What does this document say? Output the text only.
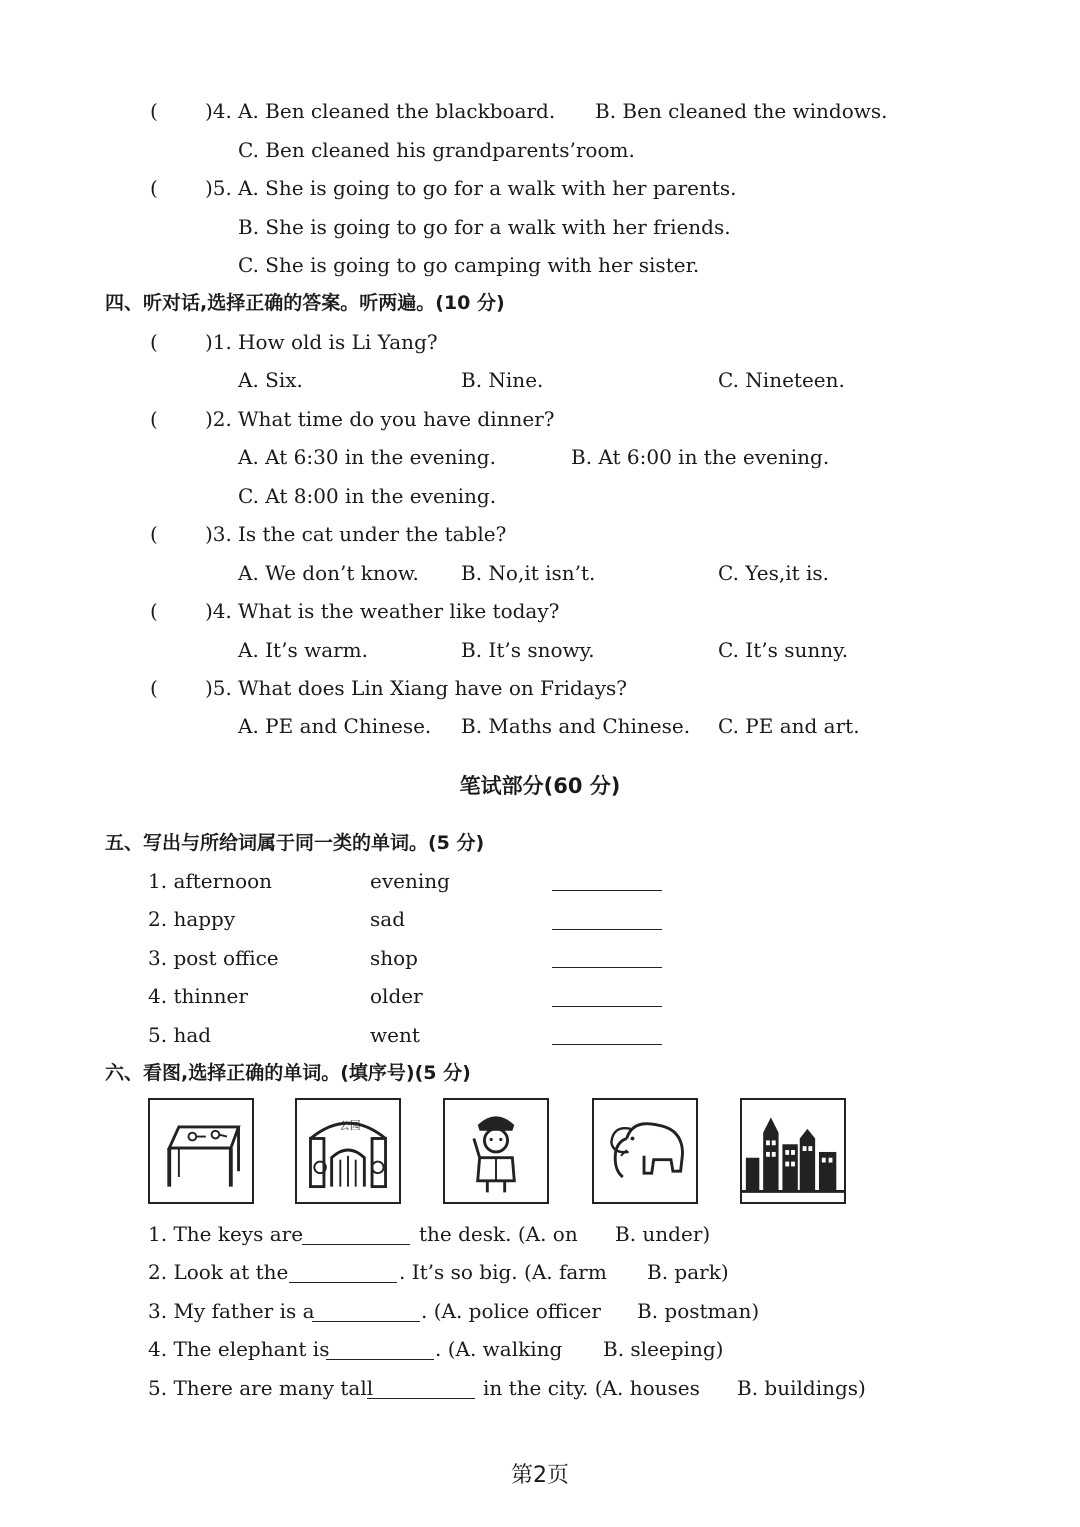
( )4. A. Ben cleaned the blackboard. B. Ben cleaned the windows.
C. Ben cleaned his grandparents’room.
( )5. A. She is going to go for a walk with her parents.
B. She is going to go for a walk with her friends.
C. She is going to go camping with her sister.
四、听对话,选择正确的答案。听两遍。(10 分)
( )1. How old is Li Yang?
A. Six.	B. Nine.	C. Nineteen.
( )2. What time do you have dinner?
A. At 6:30 in the evening.	B. At 6:00 in the evening.
C. At 8:00 in the evening.
( )3. Is the cat under the table?
A. We don’t know. B. No,it isn’t.	C. Yes,it is.
( )4. What is the weather like today?
A. It’s warm.	B. It’s snowy.	C. It’s sunny.
( )5. What does Lin Xiang have on Fridays?
A. PE and Chinese. B. Maths and Chinese. C. PE and art.
笔试部分(60 分)
五、写出与所给词属于同一类的单词。(5 分)
1. afternoon	evening
2. happy	sad
3. post office	shop
4. thinner	older
5. had	went
六、看图,选择正确的单词。(填序号)(5 分)
公园
1. The keys are	the desk. (A. on B. under)
2. Look at the	. It’s so big. (A. farm B. park)
3. My father is a	. (A. police officer B. postman)
4. The elephant is	. (A. walking B. sleeping)
5. There are many tall	in the city. (A. houses B. buildings)
第2页
